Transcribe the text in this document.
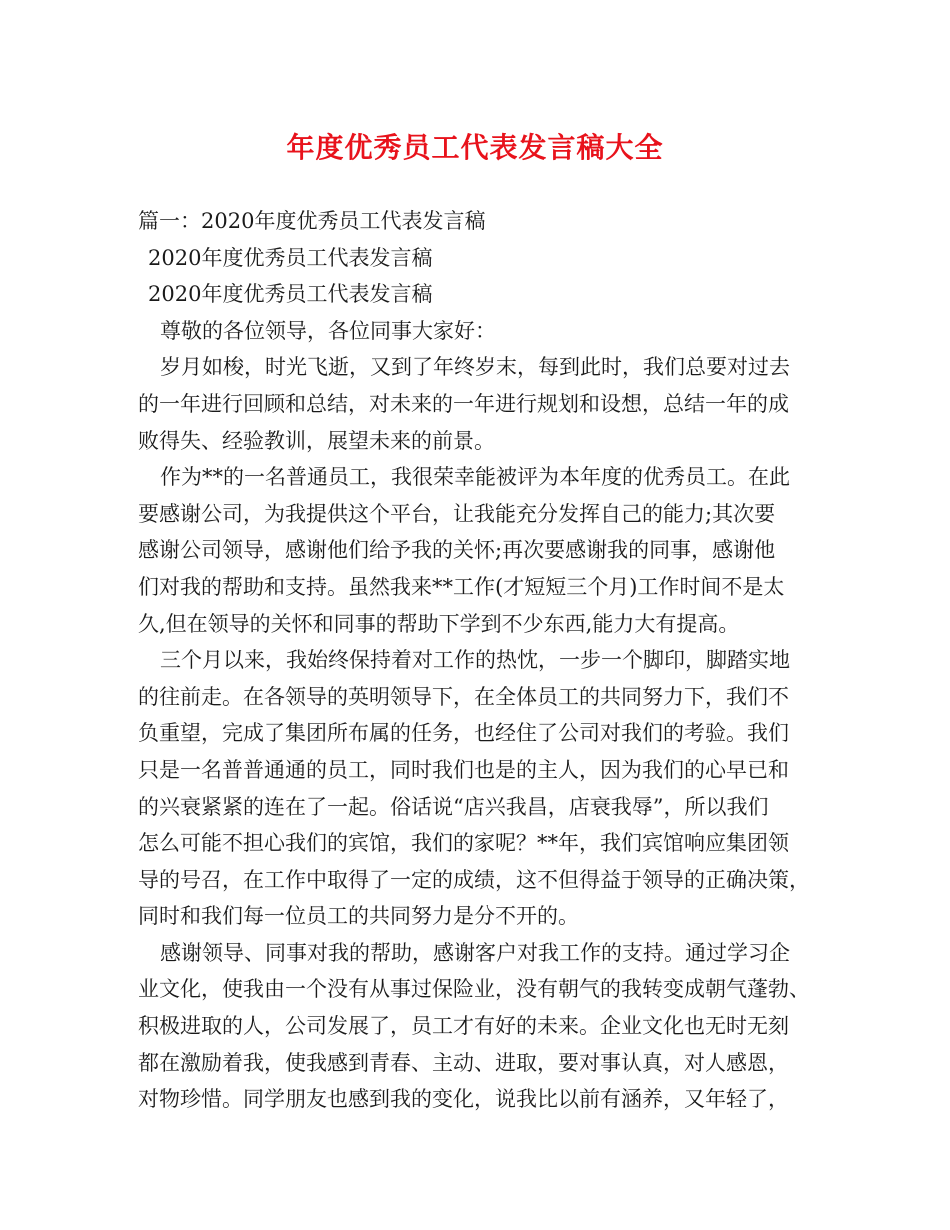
年度优秀员工代表发言稿大全

篇一：2020年度优秀员工代表发言稿

2020年度优秀员工代表发言稿

2020年度优秀员工代表发言稿

尊敬的各位领导，各位同事大家好：

岁月如梭，时光飞逝，又到了年终岁末，每到此时，我们总要对过去

的一年进行回顾和总结，对未来的一年进行规划和设想，总结一年的成

败得失、经验教训，展望未来的前景。

作为**的一名普通员工，我很荣幸能被评为本年度的优秀员工。在此

要感谢公司，为我提供这个平台，让我能充分发挥自己的能力;其次要

感谢公司领导，感谢他们给予我的关怀;再次要感谢我的同事，感谢他

们对我的帮助和支持。虽然我来**工作(才短短三个月)工作时间不是太

久,但在领导的关怀和同事的帮助下学到不少东西,能力大有提高。

三个月以来，我始终保持着对工作的热忱，一步一个脚印，脚踏实地

的往前走。在各领导的英明领导下，在全体员工的共同努力下，我们不

负重望，完成了集团所布属的任务，也经住了公司对我们的考验。我们

只是一名普普通通的员工，同时我们也是的主人，因为我们的心早已和

的兴衰紧紧的连在了一起。俗话说“店兴我昌，店衰我辱”，所以我们

怎么可能不担心我们的宾馆，我们的家呢？**年，我们宾馆响应集团领

导的号召，在工作中取得了一定的成绩，这不但得益于领导的正确决策，

同时和我们每一位员工的共同努力是分不开的。

感谢领导、同事对我的帮助，感谢客户对我工作的支持。通过学习企

业文化，使我由一个没有从事过保险业，没有朝气的我转变成朝气蓬勃、

积极进取的人，公司发展了，员工才有好的未来。企业文化也无时无刻

都在激励着我，使我感到青春、主动、进取，要对事认真，对人感恩，

对物珍惜。同学朋友也感到我的变化，说我比以前有涵养，又年轻了，
